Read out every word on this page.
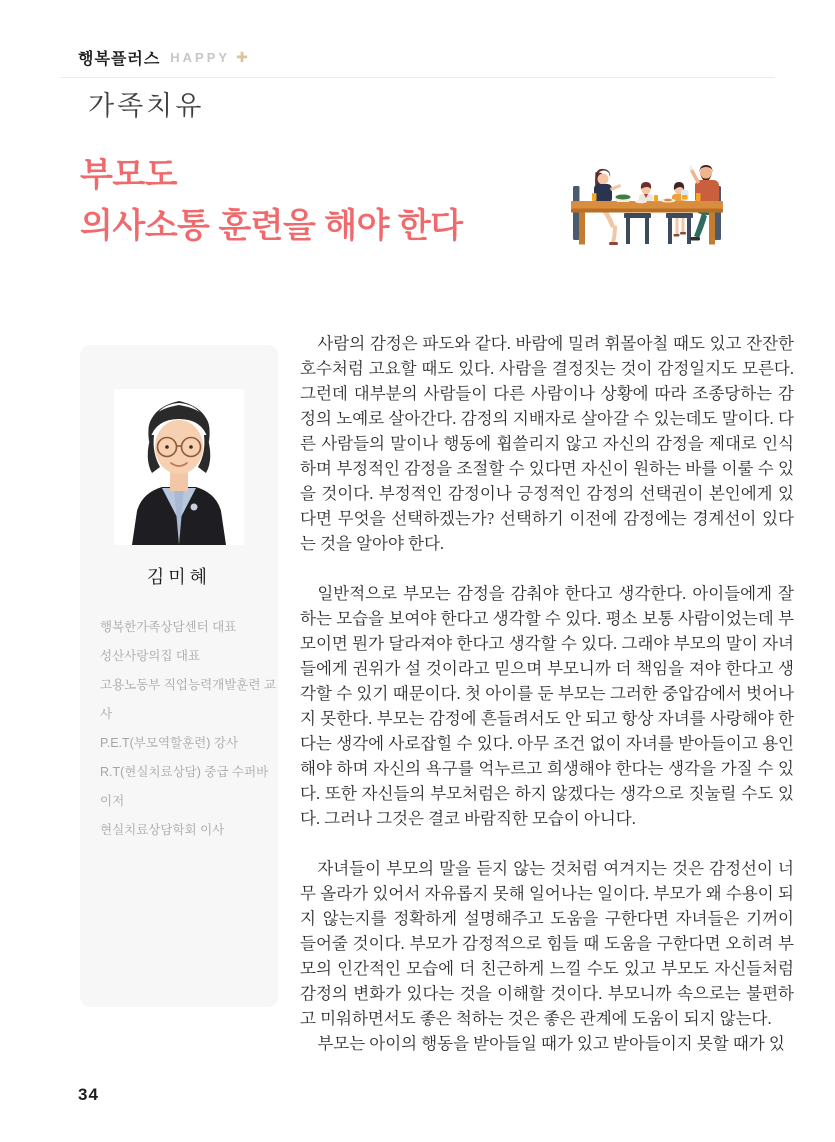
행복플러스 HAPPY ✚
가족치유
부모도
의사소통 훈련을 해야 한다
김미혜
행복한가족상담센터 대표
성산사랑의집 대표
고용노동부 직업능력개발훈련 교사
P.E.T(부모역할훈련) 강사
R.T(현실치료상담) 중급 수퍼바이저
현실치료상담학회 이사

사람의 감정은 파도와 같다. 바람에 밀려 휘몰아칠 때도 있고 잔잔한 호수처럼 고요할 때도 있다. 사람을 결정짓는 것이 감정일지도 모른다. 그런데 대부분의 사람들이 다른 사람이나 상황에 따라 조종당하는 감정의 노예로 살아간다. 감정의 지배자로 살아갈 수 있는데도 말이다. 다른 사람들의 말이나 행동에 휩쓸리지 않고 자신의 감정을 제대로 인식하며 부정적인 감정을 조절할 수 있다면 자신이 원하는 바를 이룰 수 있을 것이다. 부정적인 감정이나 긍정적인 감정의 선택권이 본인에게 있다면 무엇을 선택하겠는가? 선택하기 이전에 감정에는 경계선이 있다는 것을 알아야 한다.

일반적으로 부모는 감정을 감춰야 한다고 생각한다. 아이들에게 잘하는 모습을 보여야 한다고 생각할 수 있다. 평소 보통 사람이었는데 부모이면 뭔가 달라져야 한다고 생각할 수 있다. 그래야 부모의 말이 자녀들에게 권위가 설 것이라고 믿으며 부모니까 더 책임을 져야 한다고 생각할 수 있기 때문이다. 첫 아이를 둔 부모는 그러한 중압감에서 벗어나지 못한다. 부모는 감정에 흔들려서도 안 되고 항상 자녀를 사랑해야 한다는 생각에 사로잡힐 수 있다. 아무 조건 없이 자녀를 받아들이고 용인해야 하며 자신의 욕구를 억누르고 희생해야 한다는 생각을 가질 수 있다. 또한 자신들의 부모처럼은 하지 않겠다는 생각으로 짓눌릴 수도 있다. 그러나 그것은 결코 바람직한 모습이 아니다.

자녀들이 부모의 말을 듣지 않는 것처럼 여겨지는 것은 감정선이 너무 올라가 있어서 자유롭지 못해 일어나는 일이다. 부모가 왜 수용이 되지 않는지를 정확하게 설명해주고 도움을 구한다면 자녀들은 기꺼이 들어줄 것이다. 부모가 감정적으로 힘들 때 도움을 구한다면 오히려 부모의 인간적인 모습에 더 친근하게 느낄 수도 있고 부모도 자신들처럼 감정의 변화가 있다는 것을 이해할 것이다. 부모니까 속으로는 불편하고 미워하면서도 좋은 척하는 것은 좋은 관계에 도움이 되지 않는다.

부모는 아이의 행동을 받아들일 때가 있고 받아들이지 못할 때가 있

34
